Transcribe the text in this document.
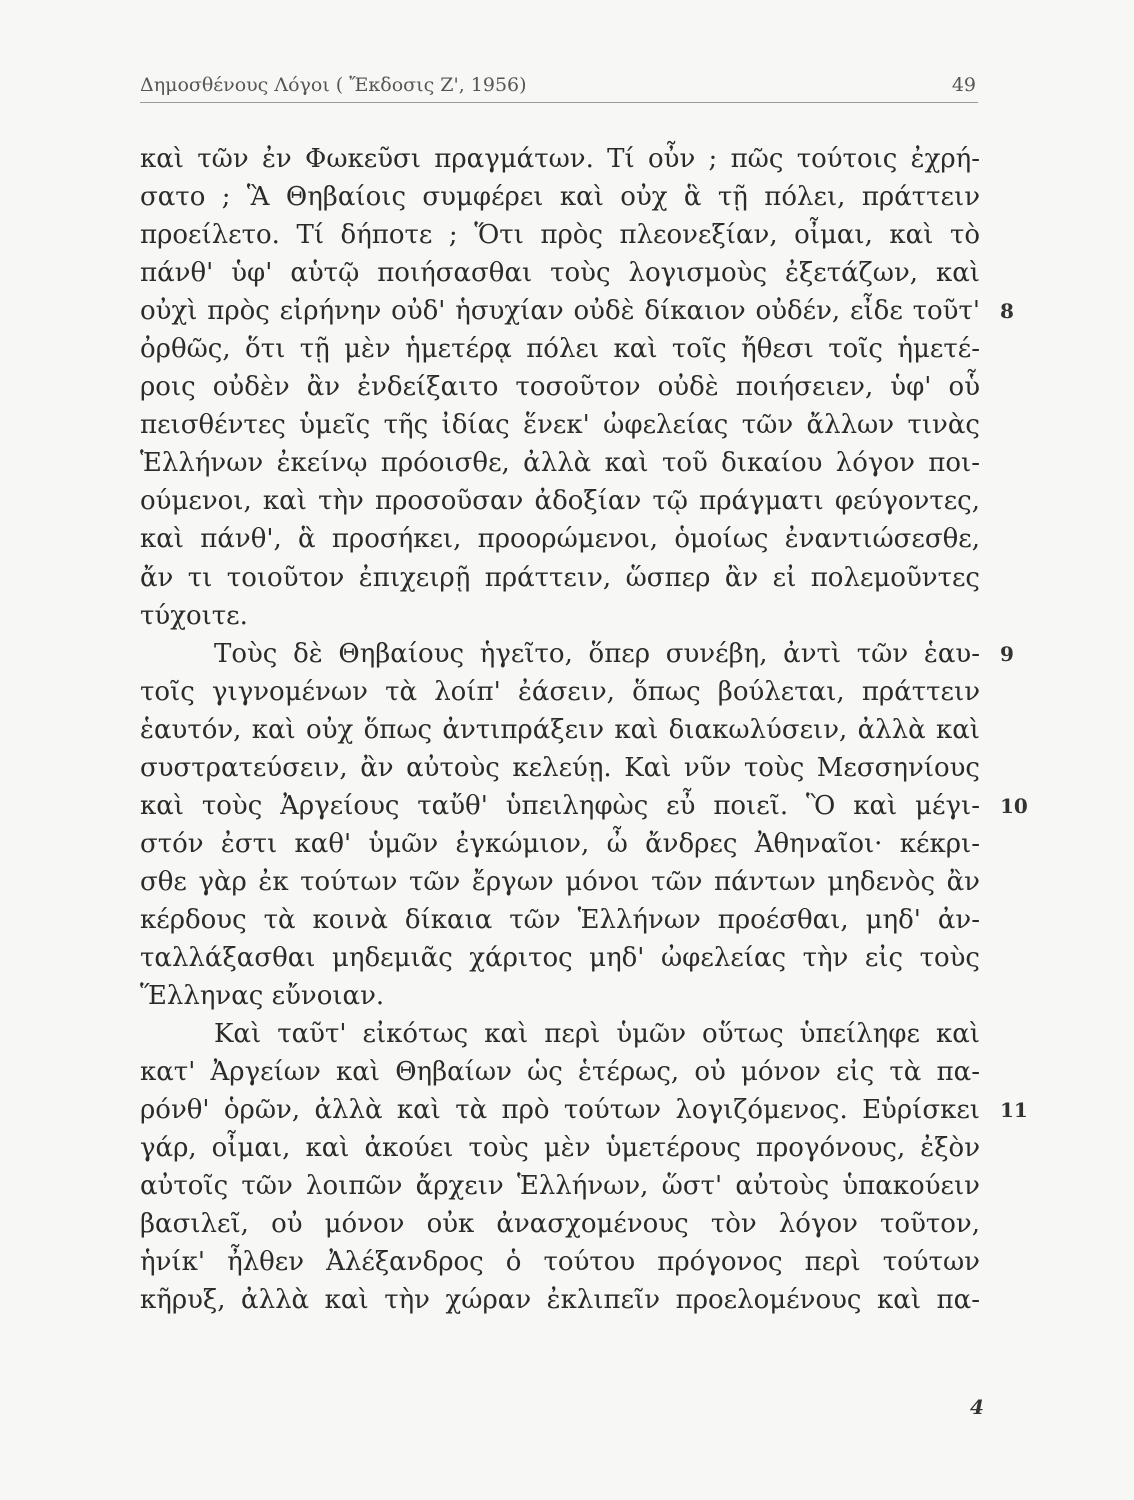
Δημοσθένους Λόγοι ( Ἔκδοσις Ζ', 1956)	49
καὶ τῶν ἐν Φωκεῦσι πραγμάτων. Τί οὖν ; πῶς τούτοις ἐχρή-
σατο ; Ἃ Θηβαίοις συμφέρει καὶ οὐχ ἃ τῇ πόλει, πράττειν
προείλετο. Τί δήποτε ; Ὅτι πρὸς πλεονεξίαν, οἶμαι, καὶ τὸ
πάνθ' ὑφ' αὑτῷ ποιήσασθαι τοὺς λογισμοὺς ἐξετάζων, καὶ
οὐχὶ πρὸς εἰρήνην οὐδ' ἡσυχίαν οὐδὲ δίκαιον οὐδέν, εἶδε τοῦτ' 8
ὀρθῶς, ὅτι τῇ μὲν ἡμετέρᾳ πόλει καὶ τοῖς ἤθεσι τοῖς ἡμετέ-
ροις οὐδὲν ἂν ἐνδείξαιτο τοσοῦτον οὐδὲ ποιήσειεν, ὑφ' οὗ
πεισθέντες ὑμεῖς τῆς ἰδίας ἕνεκ' ὠφελείας τῶν ἄλλων τινὰς
Ἑλλήνων ἐκείνῳ πρόοισθε, ἀλλὰ καὶ τοῦ δικαίου λόγον ποι-
ούμενοι, καὶ τὴν προσοῦσαν ἀδοξίαν τῷ πράγματι φεύγοντες,
καὶ πάνθ', ἃ προσήκει, προορώμενοι, ὁμοίως ἐναντιώσεσθε,
ἄν τι τοιοῦτον ἐπιχειρῇ πράττειν, ὥσπερ ἂν εἰ πολεμοῦντες
τύχοιτε.
Τοὺς δὲ Θηβαίους ἡγεῖτο, ὅπερ συνέβη, ἀντὶ τῶν ἑαυ- 9
τοῖς γιγνομένων τὰ λοίπ' ἐάσειν, ὅπως βούλεται, πράττειν
ἑαυτόν, καὶ οὐχ ὅπως ἀντιπράξειν καὶ διακωλύσειν, ἀλλὰ καὶ
συστρατεύσειν, ἂν αὐτοὺς κελεύῃ. Καὶ νῦν τοὺς Μεσσηνίους
καὶ τοὺς Ἀργείους ταὔθ' ὑπειληφὼς εὖ ποιεῖ. Ὃ καὶ μέγι- 10
στόν ἐστι καθ' ὑμῶν ἐγκώμιον, ὦ ἄνδρες Ἀθηναῖοι· κέκρι-
σθε γὰρ ἐκ τούτων τῶν ἔργων μόνοι τῶν πάντων μηδενὸς ἂν
κέρδους τὰ κοινὰ δίκαια τῶν Ἑλλήνων προέσθαι, μηδ' ἀν-
ταλλάξασθαι μηδεμιᾶς χάριτος μηδ' ὠφελείας τὴν εἰς τοὺς
Ἕλληνας εὔνοιαν.
Καὶ ταῦτ' εἰκότως καὶ περὶ ὑμῶν οὕτως ὑπείληφε καὶ
κατ' Ἀργείων καὶ Θηβαίων ὡς ἑτέρως, οὐ μόνον εἰς τὰ πα-
ρόνθ' ὁρῶν, ἀλλὰ καὶ τὰ πρὸ τούτων λογιζόμενος. Εὑρίσκει 11
γάρ, οἶμαι, καὶ ἀκούει τοὺς μὲν ὑμετέρους προγόνους, ἐξὸν
αὐτοῖς τῶν λοιπῶν ἄρχειν Ἑλλήνων, ὥστ' αὐτοὺς ὑπακούειν
βασιλεῖ, οὐ μόνον οὐκ ἀνασχομένους τὸν λόγον τοῦτον,
ἡνίκ' ἦλθεν Ἀλέξανδρος ὁ τούτου πρόγονος περὶ τούτων
κῆρυξ, ἀλλὰ καὶ τὴν χώραν ἐκλιπεῖν προελομένους καὶ πα-
4
